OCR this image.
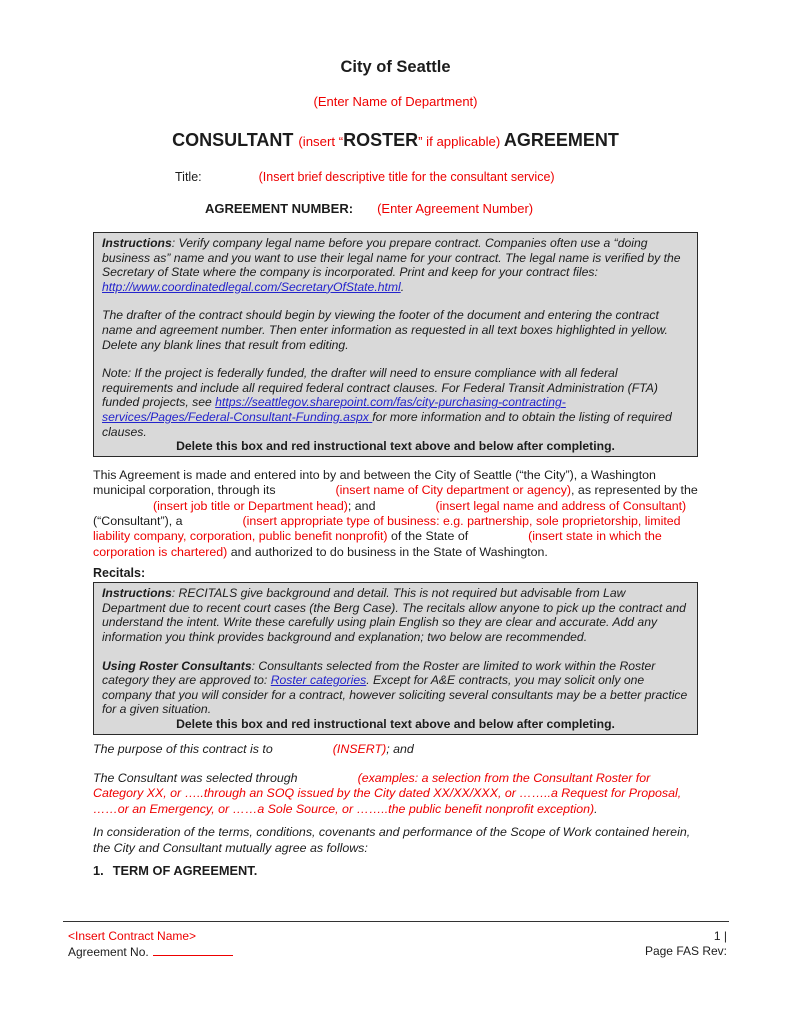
City of Seattle
(Enter Name of Department)
CONSULTANT (insert “ROSTER” if applicable) AGREEMENT
Title:	(Insert brief descriptive title for the consultant service)
AGREEMENT NUMBER: (Enter Agreement Number)

Instructions: Verify company legal name before you prepare contract. Companies often use a “doing business as” name and you want to use their legal name for your contract. The legal name is verified by the Secretary of State where the company is incorporated. Print and keep for your contract files: http://www.coordinatedlegal.com/SecretaryOfState.html.

The drafter of the contract should begin by viewing the footer of the document and entering the contract name and agreement number. Then enter information as requested in all text boxes highlighted in yellow. Delete any blank lines that result from editing.

Note: If the project is federally funded, the drafter will need to ensure compliance with all federal requirements and include all required federal contract clauses. For Federal Transit Administration (FTA) funded projects, see https://seattlegov.sharepoint.com/fas/city-purchasing-contracting-services/Pages/Federal-Consultant-Funding.aspx for more information and to obtain the listing of required clauses.

Delete this box and red instructional text above and below after completing.

This Agreement is made and entered into by and between the City of Seattle (“the City”), a Washington municipal corporation, through its	(insert name of City department or agency), as represented by the(insert job title or Department head); and	(insert legal name and address of Consultant) (“Consultant”), a	(insert appropriate type of business: e.g. partnership, sole proprietorship, limited liability company, corporation, public benefit nonprofit) of the State of	(insert state in which the corporation is chartered) and authorized to do business in the State of Washington.

Recitals:

Instructions: RECITALS give background and detail. This is not required but advisable from Law Department due to recent court cases (the Berg Case). The recitals allow anyone to pick up the contract and understand the intent. Write these carefully using plain English so they are clear and accurate. Add any information you think provides background and explanation; two below are recommended.

Using Roster Consultants: Consultants selected from the Roster are limited to work within the Roster category they are approved to: Roster categories. Except for A&E contracts, you may solicit only one company that you will consider for a contract, however soliciting several consultants may be a better practice for a given situation.

Delete this box and red instructional text above and below after completing.

The purpose of this contract is to	(INSERT); and

The Consultant was selected through	(examples: a selection from the Consultant Roster for Category XX, or …..through an SOQ issued by the City dated XX/XX/XXX, or ……..a Request for Proposal, ……or an Emergency, or ……a Sole Source, or ……..the public benefit nonprofit exception).

In consideration of the terms, conditions, covenants and performance of the Scope of Work contained herein, the City and Consultant mutually agree as follows:

1. TERM OF AGREEMENT.
<Insert Contract Name>
Agreement No.
1 |
Page FAS Rev:
